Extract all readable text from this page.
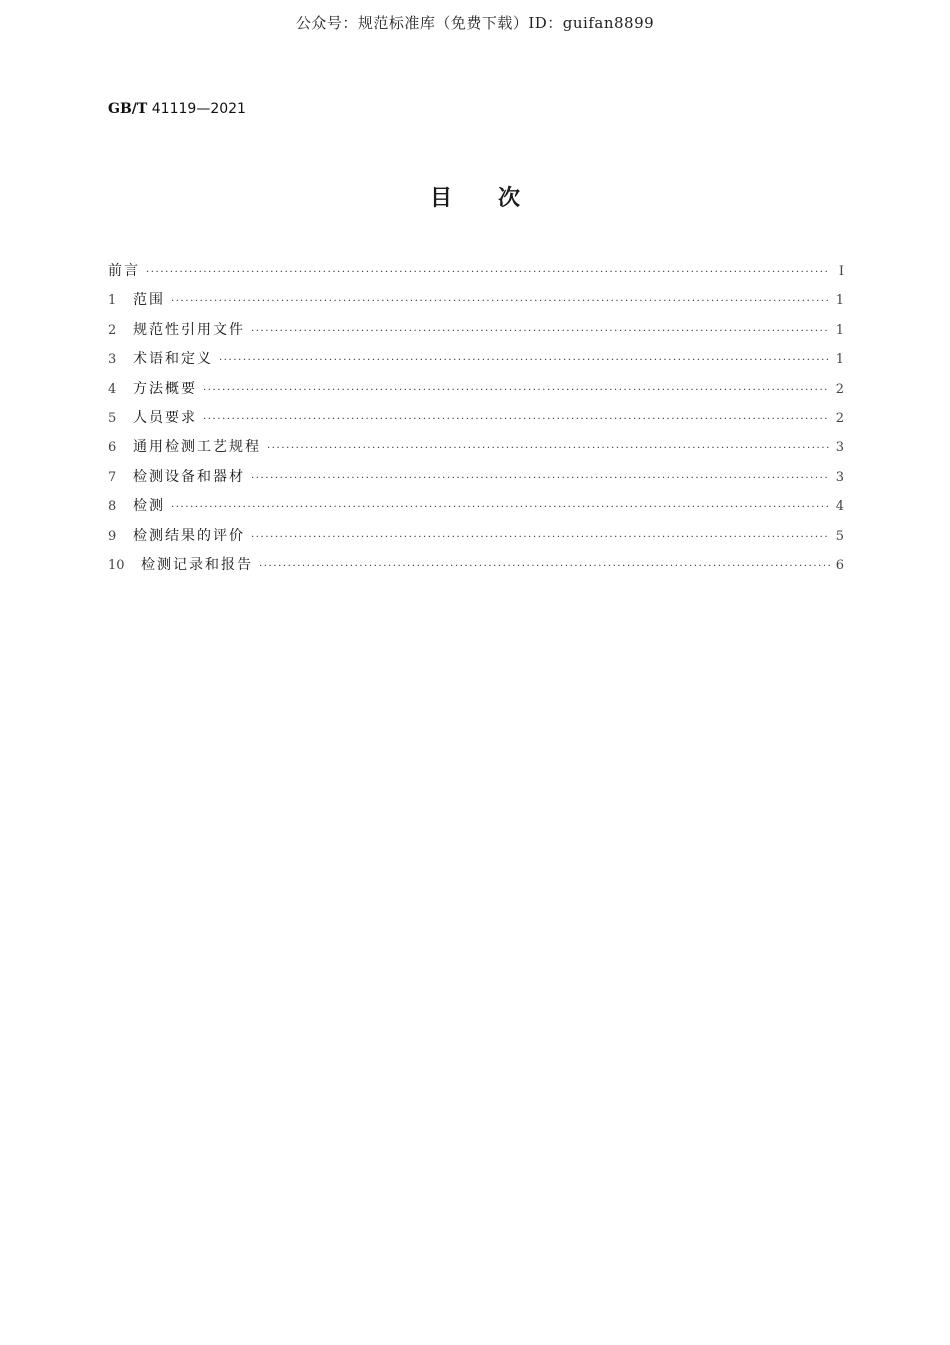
公众号：规范标准库（免费下载）ID：guifan8899
GB/T 41119—2021
目次
前言 ·····	Ⅰ
1	范围 ·····	1
2	规范性引用文件 ·····	1
3	术语和定义 ·····	1
4	方法概要 ·····	2
5	人员要求 ·····	2
6	通用检测工艺规程 ·····	3
7	检测设备和器材 ·····	3
8	检测 ·····	4
9	检测结果的评价 ·····	5
10	检测记录和报告 ·····	6
